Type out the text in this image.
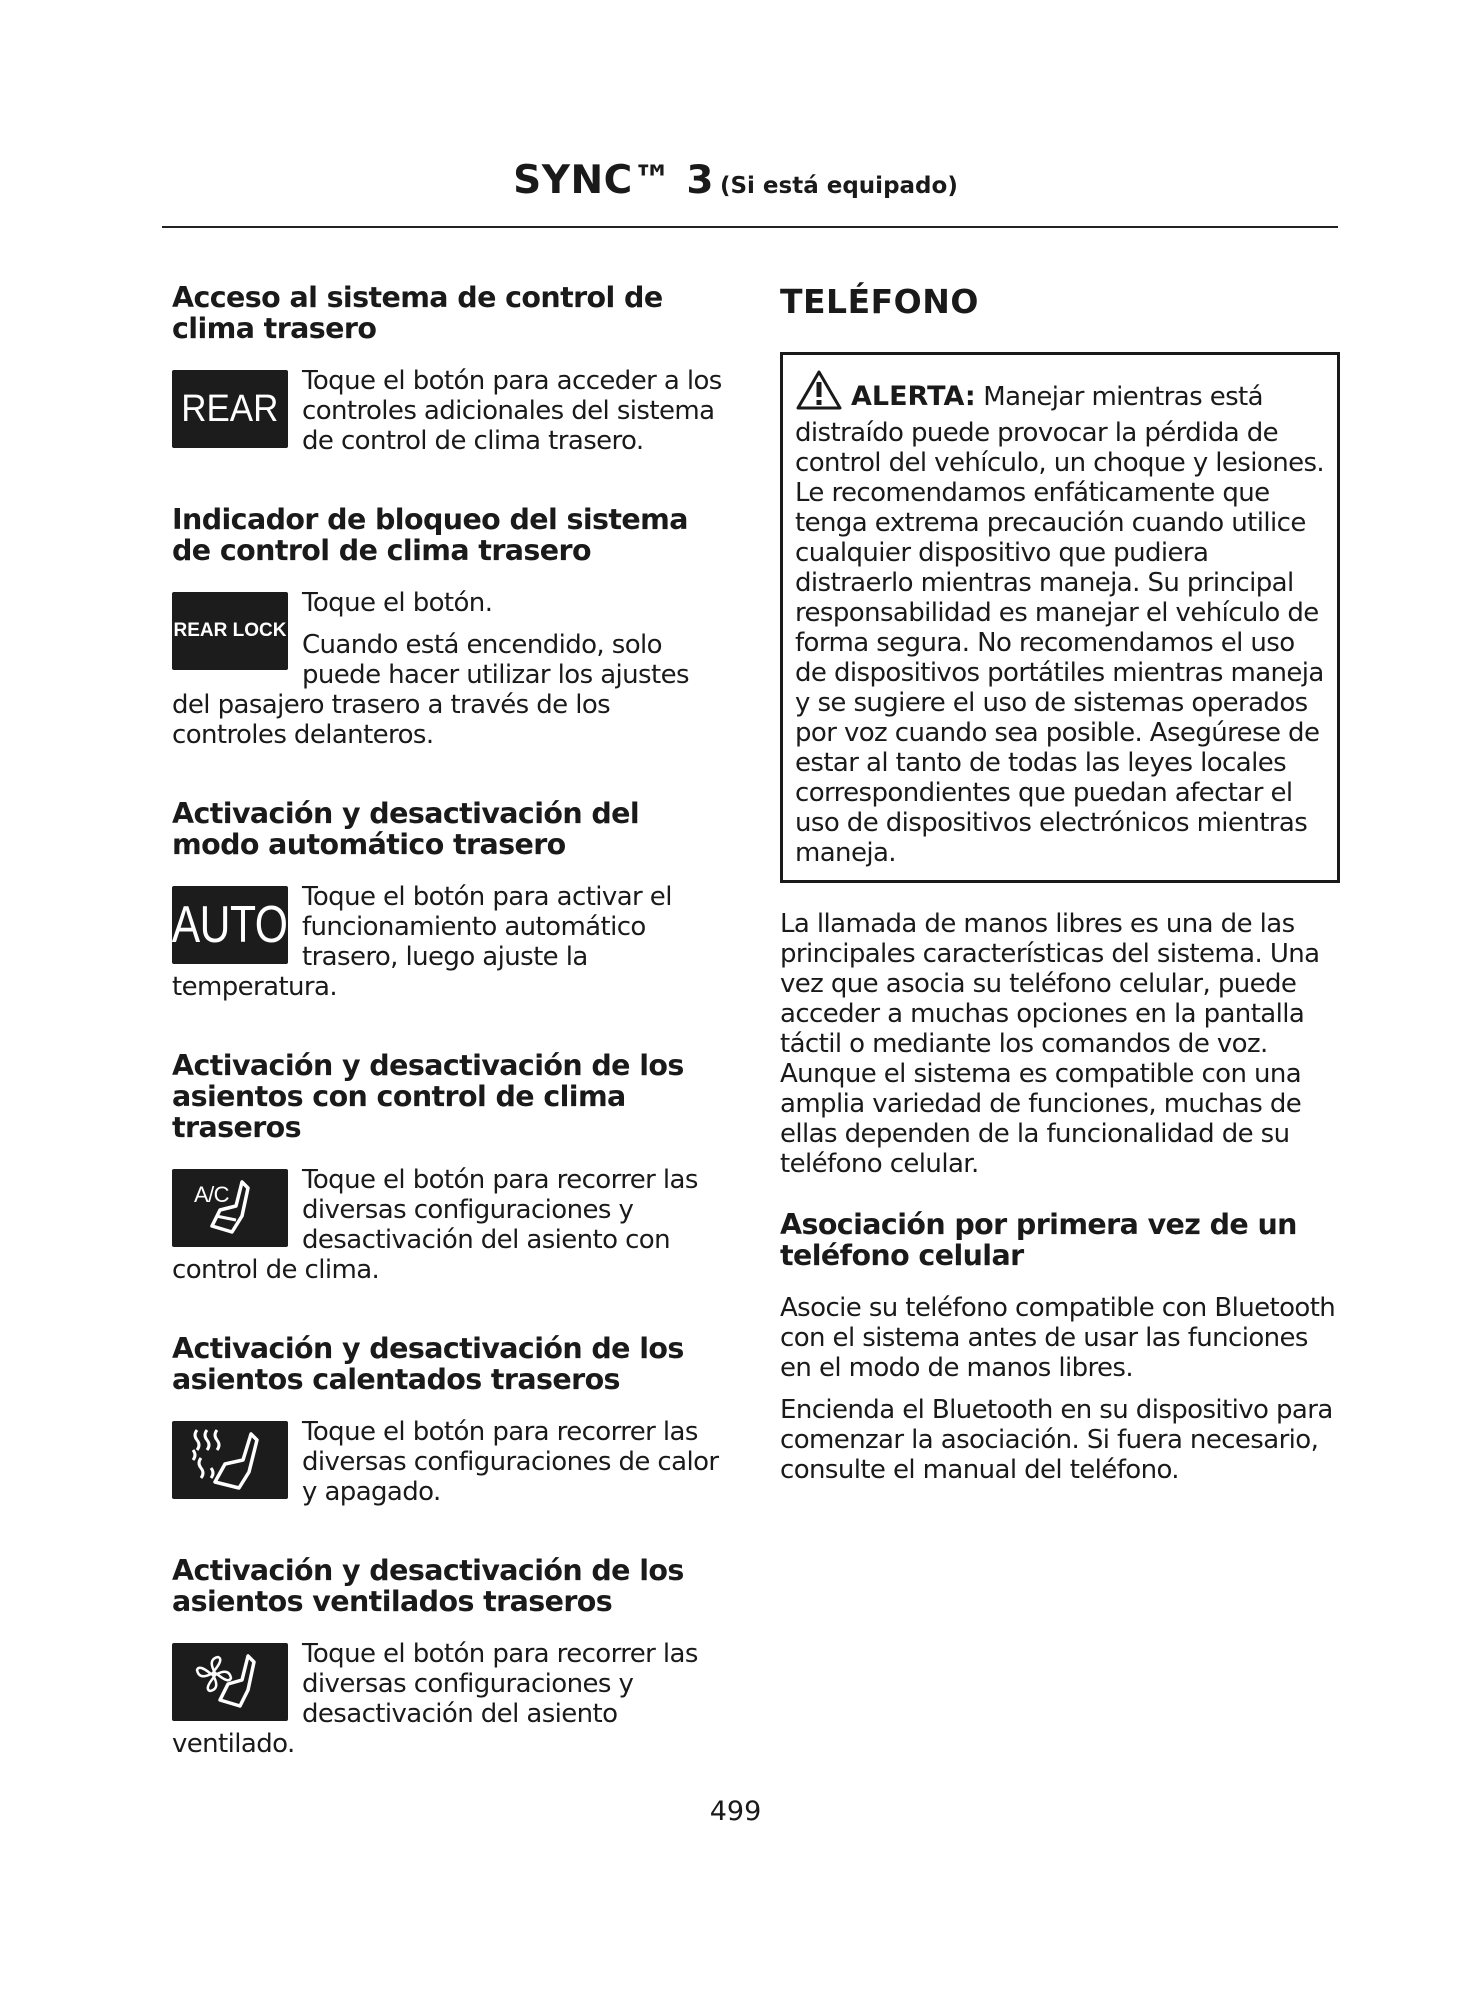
SYNC™ 3 (Si está equipado)
Acceso al sistema de control de clima trasero
REAR
Toque el botón para acceder a los controles adicionales del sistema de control de clima trasero.
Indicador de bloqueo del sistema de control de clima trasero
REAR LOCK
Toque el botón.
Cuando está encendido, solo puede hacer utilizar los ajustes del pasajero trasero a través de los controles delanteros.
Activación y desactivación del modo automático trasero
AUTO Toque el botón para activar el funcionamiento automático trasero, luego ajuste la temperatura.
Activación y desactivación de los asientos con control de clima traseros
A/C	Toque el botón para recorrer las diversas configuraciones y desactivación del asiento con control de clima.
Activación y desactivación de los asientos calentados traseros
Toque el botón para recorrer las diversas configuraciones de calor y apagado.
Activación y desactivación de los asientos ventilados traseros
Toque el botón para recorrer las diversas configuraciones y desactivación del asiento ventilado.
TELÉFONO
ALERTA: Manejar mientras está distraído puede provocar la pérdida de control del vehículo, un choque y lesiones. Le recomendamos enfáticamente que tenga extrema precaución cuando utilice cualquier dispositivo que pudiera distraerlo mientras maneja. Su principal responsabilidad es manejar el vehículo de forma segura. No recomendamos el uso de dispositivos portátiles mientras maneja y se sugiere el uso de sistemas operados por voz cuando sea posible. Asegúrese de estar al tanto de todas las leyes locales correspondientes que puedan afectar el uso de dispositivos electrónicos mientras maneja.
La llamada de manos libres es una de las principales características del sistema. Una vez que asocia su teléfono celular, puede acceder a muchas opciones en la pantalla táctil o mediante los comandos de voz. Aunque el sistema es compatible con una amplia variedad de funciones, muchas de ellas dependen de la funcionalidad de su teléfono celular.
Asociación por primera vez de un teléfono celular
Asocie su teléfono compatible con Bluetooth con el sistema antes de usar las funciones en el modo de manos libres.
Encienda el Bluetooth en su dispositivo para comenzar la asociación. Si fuera necesario, consulte el manual del teléfono.
499
